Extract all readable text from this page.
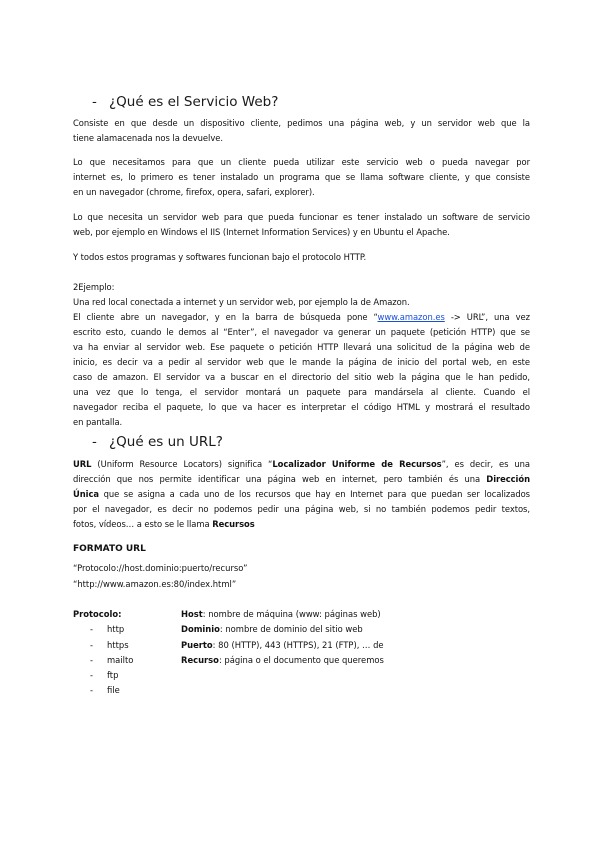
- ¿Qué es el Servicio Web?
Consiste en que desde un dispositivo cliente, pedimos una página web, y un servidor web que la
tiene alamacenada nos la devuelve.
Lo que necesitamos para que un cliente pueda utilizar este servicio web o pueda navegar por
internet es, lo primero es tener instalado un programa que se llama software cliente, y que consiste
en un navegador (chrome, firefox, opera, safari, explorer).
Lo que necesita un servidor web para que pueda funcionar es tener instalado un software de servicio
web, por ejemplo en Windows el IIS (Internet Information Services) y en Ubuntu el Apache.
Y todos estos programas y softwares funcionan bajo el protocolo HTTP.
2Ejemplo:
Una red local conectada a internet y un servidor web, por ejemplo la de Amazon.
El cliente abre un navegador, y en la barra de búsqueda pone “www.amazon.es -> URL”, una vez
escrito esto, cuando le demos al “Enter”, el navegador va generar un paquete (petición HTTP) que se
va ha enviar al servidor web. Ese paquete o petición HTTP llevará una solicitud de la página web de
inicio, es decir va a pedir al servidor web que le mande la página de inicio del portal web, en este
caso de amazon. El servidor va a buscar en el directorio del sitio web la página que le han pedido,
una vez que lo tenga, el servidor montará un paquete para mandársela al cliente. Cuando el
navegador reciba el paquete, lo que va hacer es interpretar el código HTML y mostrará el resultado
en pantalla.
- ¿Qué es un URL?
URL (Uniform Resource Locators) significa “Localizador Uniforme de Recursos”, es decir, es una
dirección que nos permite identificar una página web en internet, pero también és una Dirección
Única que se asigna a cada uno de los recursos que hay en Internet para que puedan ser localizados
por el navegador, es decir no podemos pedir una página web, si no también podemos pedir textos,
fotos, vídeos… a esto se le llama Recursos
FORMATO URL
“Protocolo://host.dominio:puerto/recurso”
“http://www.amazon.es:80/index.html”
Protocolo:
- http
- https
- mailto
- ftp
- file
Host: nombre de máquina (www: páginas web)
Dominio: nombre de dominio del sitio web
Puerto: 80 (HTTP), 443 (HTTPS), 21 (FTP), … de
Recurso: página o el documento que queremos
